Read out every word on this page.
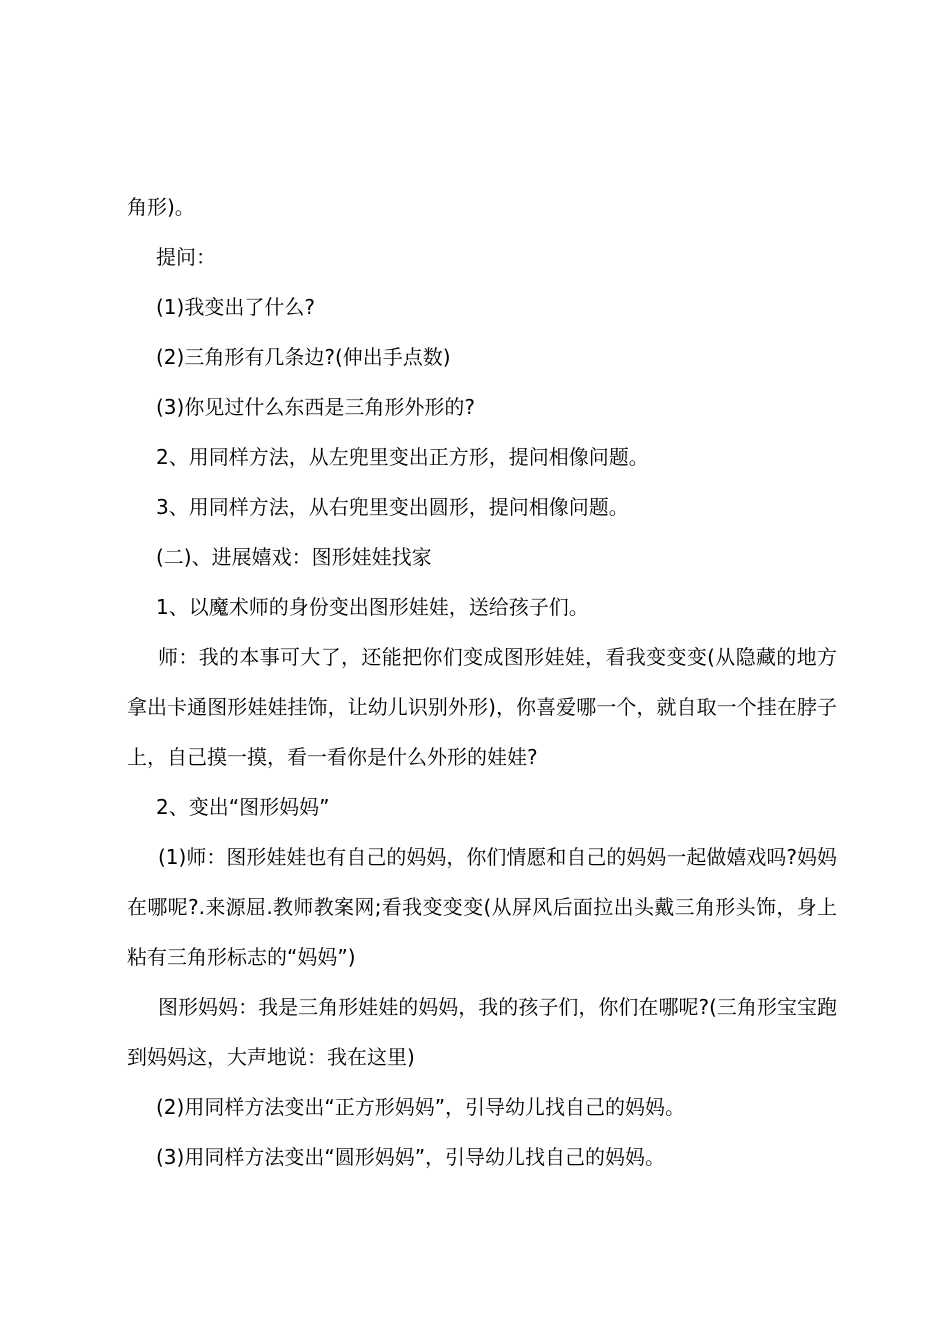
角形)。

提问：

(1)我变出了什么?

(2)三角形有几条边?(伸出手点数)

(3)你见过什么东西是三角形外形的?

2、用同样方法，从左兜里变出正方形，提问相像问题。

3、用同样方法，从右兜里变出圆形，提问相像问题。

(二)、进展嬉戏：图形娃娃找家

1、以魔术师的身份变出图形娃娃，送给孩子们。

师：我的本事可大了，还能把你们变成图形娃娃，看我变变变(从隐藏的地方拿出卡通图形娃娃挂饰，让幼儿识别外形)，你喜爱哪一个，就自取一个挂在脖子上，自己摸一摸，看一看你是什么外形的娃娃?

2、变出“图形妈妈”

(1)师：图形娃娃也有自己的妈妈，你们情愿和自己的妈妈一起做嬉戏吗?妈妈在哪呢?.来源屈.教师教案网;看我变变变(从屏风后面拉出头戴三角形头饰，身上粘有三角形标志的“妈妈”)

图形妈妈：我是三角形娃娃的妈妈，我的孩子们，你们在哪呢?(三角形宝宝跑到妈妈这，大声地说：我在这里)

(2)用同样方法变出“正方形妈妈”，引导幼儿找自己的妈妈。

(3)用同样方法变出“圆形妈妈”，引导幼儿找自己的妈妈。
